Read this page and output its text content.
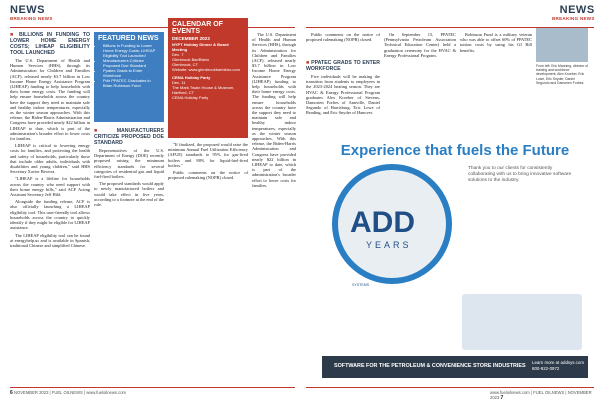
NEWS
BREAKING NEWS
■ BILLIONS IN FUNDING TO LOWER HOME ENERGY COSTS; LIHEAP ELIGIBILITY TOOL LAUNCHED

The U.S. Department of Health and Human Services (HHS), through its Administration for Children and Families (ACF), released nearly $3.7 billion in Low Income Home Energy Assistance Program (LIHEAP) funding to help households with their home energy costs. The funding will help ensure households across the country have the support they need to maintain safe and healthy indoor temperatures, especially as the winter season approaches. With this release, the Biden-Harris Administration and Congress have provided nearly $22 billion in LIHEAP to date, which is part of the administration's broader effort to lower costs for families.

LIHEAP is critical to lowering energy costs for families, and protecting the health and safety of households, particularly those that include older adults, individuals with disabilities and young children," said HHS Secretary Xavier Becerra.

"LIHEAP is a lifeline for households across the country who need support with their home energy bills," said ACF Acting Assistant Secretary Jeff Hild.

Alongside the funding release, ACF is also officially launching a LIHEAP eligibility tool. This user-friendly tool allows households across the country to quickly identify if they might be eligible for LIHEAP assistance.

The LIHEAP eligibility tool can be found at energyhelp.us and is available in Spanish, traditional Chinese and simplified Chinese.

FEATURED NEWS
• Billions in Funding to Lower Home Energy Costs; LIHEAP Eligibility Tool Launched
• Manufacturers Criticize Proposed Doe Standard
• Ppatec Grads to Enter Workforce
• Pdir PPATEC Graduates in Brian Robinson Fund
CALENDAR OF EVENTS
DECEMBER 2023
NYPT Holiday Dinner & Board Meeting
Dec. 7
Glenbrook Bar/Bistro
Glenbrook, CT
Website: www.glenbrookbarbistro.com
CEMA Holiday Party
Dec. 11
The Mark Twain House & Museum, Hartford, CT
CEMA Holiday Party
■ MANUFACTURERS CRITICIZE PROPOSED DOE STANDARD

Representatives of the U.S. Department of Energy (DOE) recently proposed raising the minimum efficiency standards for several categories of residential gas and liquid fuel-fired boilers.

The proposed standards would apply to newly manufactured boilers and would take effect in five years, according to a footnote at the end of the rule.

"If finalized, the proposed would raise the minimum Annual Fuel Utilization Efficiency (AFUE) standards to 95% for gas-fired boilers and 88% for liquid-fuel-fired boilers."

Public comments on the notice of proposed rulemaking (NOPR) closed.

The U.S. Department of Health and Human Services (HHS), through its Administration for Children and Families (ACF), released nearly $3.7 billion in Low Income Home Energy Assistance Program (LIHEAP) funding to help households with their home energy costs. The funding will help ensure households across the country have the support they need to maintain safe and healthy indoor temperatures, especially as the winter season approaches. With this release, the Biden-Harris Administration and Congress have provided nearly $22 billion in LIHEAP to date, which is part of the administration's broader effort to lower costs for families.

6 NOVEMBER 2023 | FUEL OILNEWS | www.fueloilnews.com
NEWS
BREAKING NEWS

Public comments on the notice of proposed rulemaking (NOPR) closed.

■ PPATEC GRADS TO ENTER WORKFORCE

Five individuals will be making the transition from students to employees in the 2023-2024 heating season. They are HVAC & Energy Professional Program graduates Alex Kroeber of Stevens, Damorien Forbes of Annville, Daniel Segundo of Harrisburg, Eric Lowe of Reading, and Eric Snyder of Hanover.

On September 15, PPATEC (Pennsylvania Petroleum Association Technical Education Center) held a graduation ceremony for the HVAC & Energy Professional Program.

Robinson Fund is a military veteran who was able to offset 60% of PPATEC tuition costs by using his GI Bill benefits.

From left: Eric Manning, director of training and workforce development; Alex Kroeber, Eric Lowe, Eric Snyder, Daniel Segundo and Damorien Forbes.
www.fueloilnews.com | FUEL OILNEWS | NOVEMBER 2023 7
Experience that fuels the Future
ADD
YEARS
SYSTEMS
Thank you to our clients for consistently collaborating with us to bring innovative software solutions to the industry.
SOFTWARE FOR THE PETROLEUM & CONVENIENCE STORE INDUSTRIES
Learn more at addsys.com 800-922-0972
